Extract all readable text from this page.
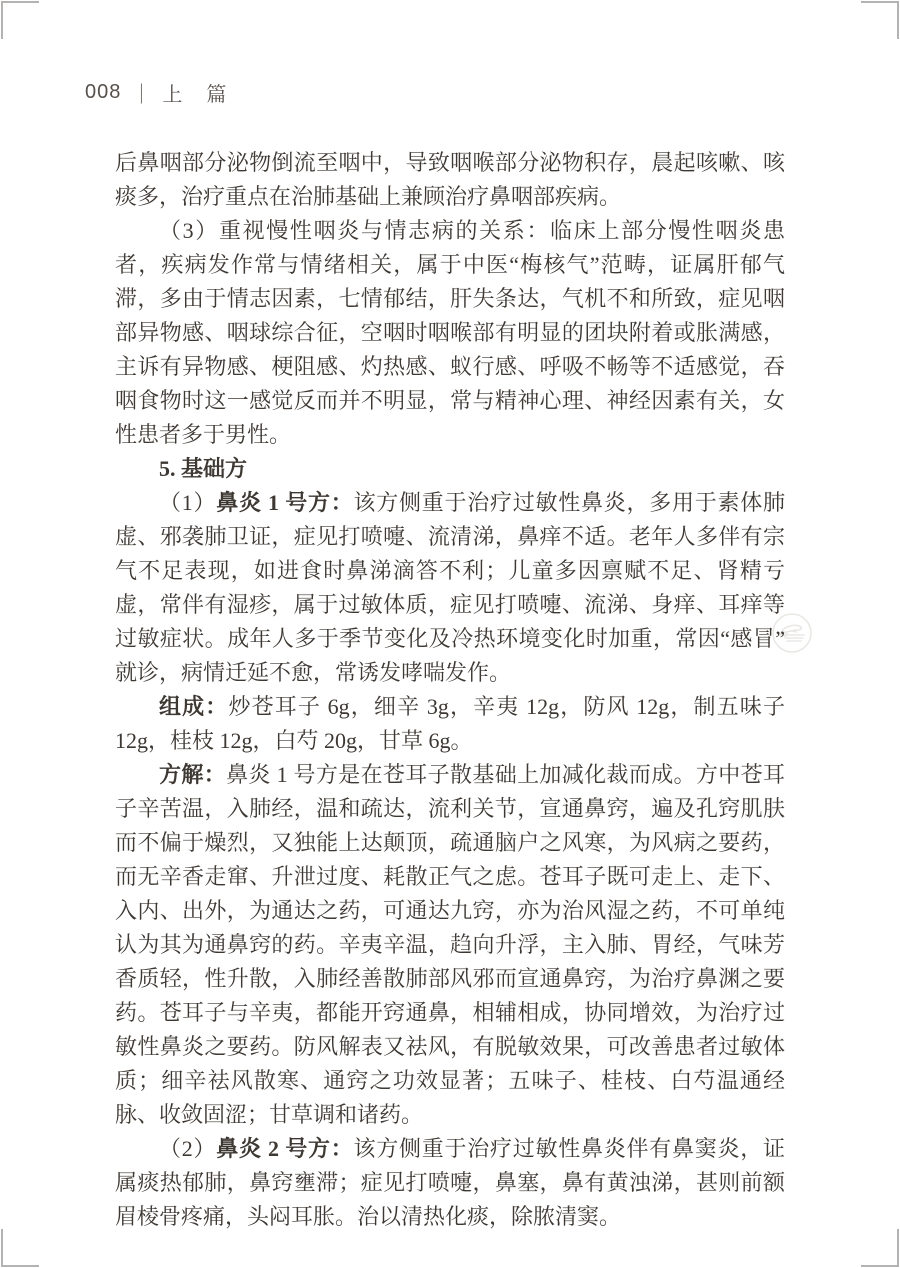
008 ｜ 上　篇

后鼻咽部分泌物倒流至咽中，导致咽喉部分泌物积存，晨起咳嗽、咳痰多，治疗重点在治肺基础上兼顾治疗鼻咽部疾病。

（3）重视慢性咽炎与情志病的关系：临床上部分慢性咽炎患者，疾病发作常与情绪相关，属于中医“梅核气”范畴，证属肝郁气滞，多由于情志因素，七情郁结，肝失条达，气机不和所致，症见咽部异物感、咽球综合征，空咽时咽喉部有明显的团块附着或胀满感，主诉有异物感、梗阻感、灼热感、蚁行感、呼吸不畅等不适感觉，吞咽食物时这一感觉反而并不明显，常与精神心理、神经因素有关，女性患者多于男性。

5. 基础方

（1）鼻炎 1 号方：该方侧重于治疗过敏性鼻炎，多用于素体肺虚、邪袭肺卫证，症见打喷嚏、流清涕，鼻痒不适。老年人多伴有宗气不足表现，如进食时鼻涕滴答不利；儿童多因禀赋不足、肾精亏虚，常伴有湿疹，属于过敏体质，症见打喷嚏、流涕、身痒、耳痒等过敏症状。成年人多于季节变化及冷热环境变化时加重，常因“感冒”就诊，病情迁延不愈，常诱发哮喘发作。

组成：炒苍耳子 6g，细辛 3g，辛夷 12g，防风 12g，制五味子 12g，桂枝 12g，白芍 20g，甘草 6g。

方解：鼻炎 1 号方是在苍耳子散基础上加减化裁而成。方中苍耳子辛苦温，入肺经，温和疏达，流利关节，宣通鼻窍，遍及孔窍肌肤而不偏于燥烈，又独能上达颠顶，疏通脑户之风寒，为风病之要药，而无辛香走窜、升泄过度、耗散正气之虑。苍耳子既可走上、走下、入内、出外，为通达之药，可通达九窍，亦为治风湿之药，不可单纯认为其为通鼻窍的药。辛夷辛温，趋向升浮，主入肺、胃经，气味芳香质轻，性升散，入肺经善散肺部风邪而宣通鼻窍，为治疗鼻渊之要药。苍耳子与辛夷，都能开窍通鼻，相辅相成，协同增效，为治疗过敏性鼻炎之要药。防风解表又祛风，有脱敏效果，可改善患者过敏体质；细辛祛风散寒、通窍之功效显著；五味子、桂枝、白芍温通经脉、收敛固涩；甘草调和诸药。

（2）鼻炎 2 号方：该方侧重于治疗过敏性鼻炎伴有鼻窦炎，证属痰热郁肺，鼻窍壅滞；症见打喷嚏，鼻塞，鼻有黄浊涕，甚则前额眉棱骨疼痛，头闷耳胀。治以清热化痰，除脓清窦。
